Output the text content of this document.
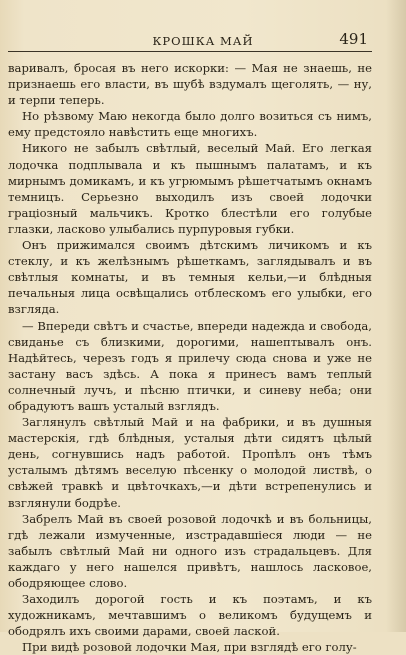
КРОШКА МАЙ	491

варивалъ, бросая въ него искорки: — Мая не знаешь, не признаешь его власти, въ шубѣ вздумалъ щеголять, — ну, и терпи теперь.

Но рѣзвому Маю некогда было долго возиться съ нимъ, ему предстояло навѣстить еще многихъ.

Никого не забылъ свѣтлый, веселый Май. Его легкая лодочка подплывала и къ пышнымъ палатамъ, и къ мирнымъ домикамъ, и къ угрюмымъ рѣшетчатымъ окнамъ темницъ. Серьезно выходилъ изъ своей лодочки граціозный мальчикъ. Кротко блестѣли его голубые глазки, ласково улыбались пурпуровыя губки.

Онъ прижимался своимъ дѣтскимъ личикомъ и къ стеклу, и къ желѣзнымъ рѣшеткамъ, заглядывалъ и въ свѣтлыя комнаты, и въ темныя кельи,—и блѣдныя печальныя лица освѣщались отблескомъ его улыбки, его взгляда.

— Впереди свѣтъ и счастье, впереди надежда и свобода, свиданье съ близкими, дорогими, нашептывалъ онъ. Надѣйтесь, черезъ годъ я прилечу сюда снова и уже не застану васъ здѣсь. А пока я принесъ вамъ теплый солнечный лучъ, и пѣсню птички, и синеву неба; они обрадуютъ вашъ усталый взглядъ.

Заглянулъ свѣтлый Май и на фабрики, и въ душныя мастерскія, гдѣ блѣдныя, усталыя дѣти сидятъ цѣлый день, согнувшись надъ работой. Пропѣлъ онъ тѣмъ усталымъ дѣтямъ веселую пѣсенку о молодой листвѣ, о свѣжей травкѣ и цвѣточкахъ,—и дѣти встрепенулись и взглянули бодрѣе.

Забрелъ Май въ своей розовой лодочкѣ и въ больницы, гдѣ лежали измученные, изстрадавшіеся люди — не забылъ свѣтлый Май ни одного изъ страдальцевъ. Для каждаго у него нашелся привѣтъ, нашлось ласковое, ободряющее слово.

Заходилъ дорогой гость и къ поэтамъ, и къ художникамъ, мечтавшимъ о великомъ будущемъ и ободрялъ ихъ своими дарами, своей лаской.

При видѣ розовой лодочки Мая, при взглядѣ его голу-
